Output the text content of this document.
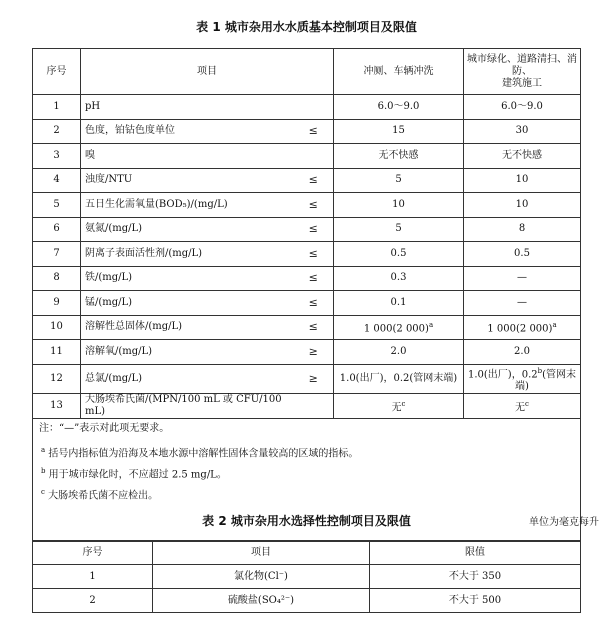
表 1 城市杂用水水质基本控制项目及限值
序号	项目		冲厕、车辆冲洗	城市绿化、道路清扫、消防、
建筑施工
1	pH		6.0～9.0	6.0～9.0
2	色度，铂钴色度单位	≤	15	30
3	嗅		无不快感	无不快感
4	浊度/NTU	≤	5	10
5	五日生化需氧量(BOD₅)/(mg/L)	≤	10	10
6	氨氮/(mg/L)	≤	5	8
7	阴离子表面活性剂/(mg/L)	≤	0.5	0.5
8	铁/(mg/L)	≤	0.3	—
9	锰/(mg/L)	≤	0.1	—
10	溶解性总固体/(mg/L)	≤	1 000(2 000)$^a$	1 000(2 000)$^a$
11	溶解氧/(mg/L)	≥	2.0	2.0
12	总氯/(mg/L)	≥	1.0(出厂)，0.2(管网末端)	1.0(出厂)，0.2$^b$(管网末端)
13	大肠埃希氏菌/(MPN/100 mL 或 CFU/100 mL)		无$^c$	无$^c$

注：“—”表示对此项无要求。
$^a$ 括号内指标值为沿海及本地水源中溶解性固体含量较高的区域的指标。
$^b$ 用于城市绿化时，不应超过 2.5 mg/L。
$^c$ 大肠埃希氏菌不应检出。				
表 2 城市杂用水选择性控制项目及限值	单位为毫克每升
序号	项目	限值
1	氯化物(Cl⁻)	不大于 350
2	硫酸盐(SO₄²⁻)	不大于 500
